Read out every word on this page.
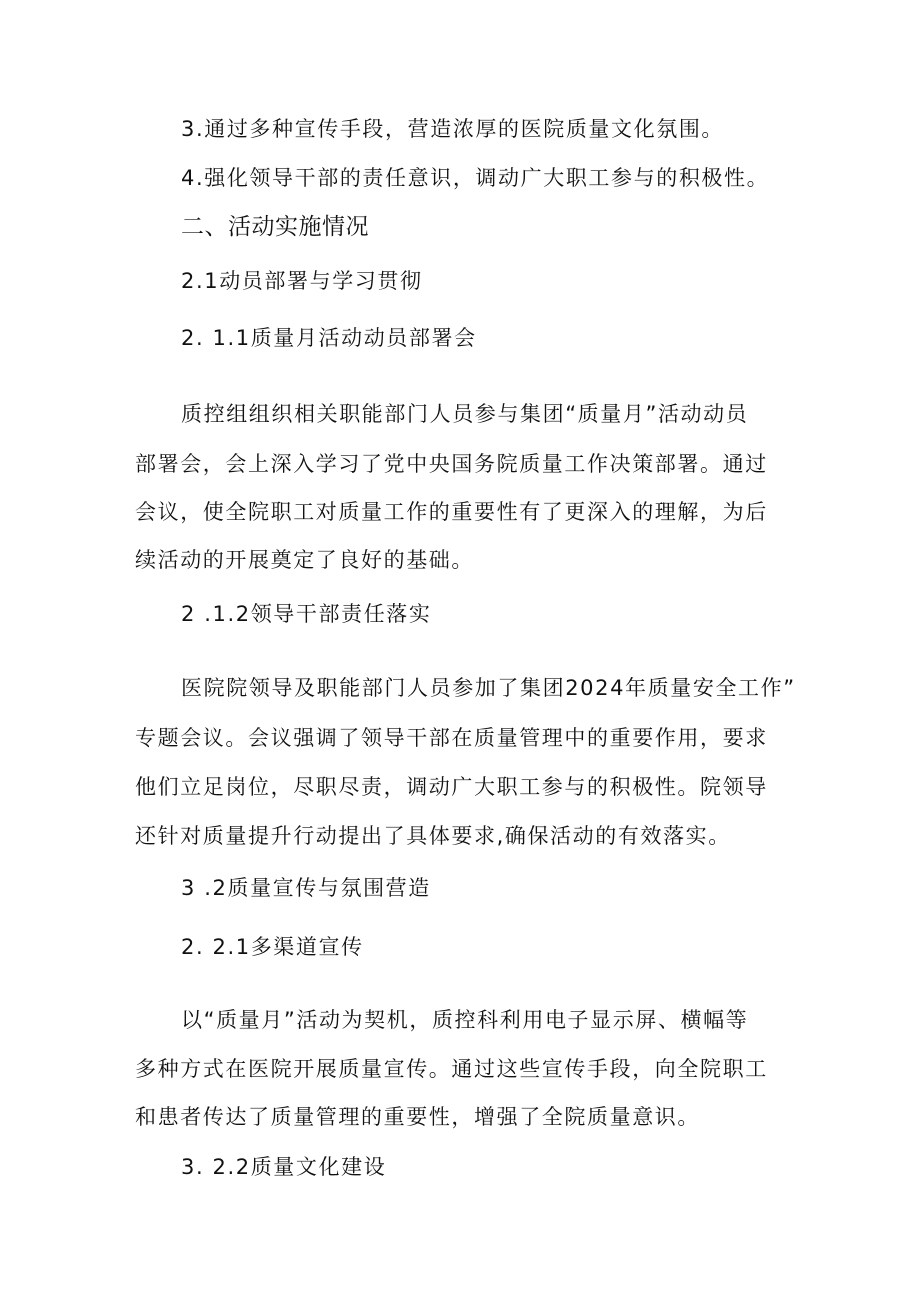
3.通过多种宣传手段，营造浓厚的医院质量文化氛围。
4.强化领导干部的责任意识，调动广大职工参与的积极性。
二、活动实施情况
2.1动员部署与学习贯彻
2. 1.1质量月活动动员部署会
质控组组织相关职能部门人员参与集团“质量月”活动动员
部署会，会上深入学习了党中央国务院质量工作决策部署。通过
会议，使全院职工对质量工作的重要性有了更深入的理解，为后
续活动的开展奠定了良好的基础。
2 .1.2领导干部责任落实
医院院领导及职能部门人员参加了集团2024年质量安全工作”
专题会议。会议强调了领导干部在质量管理中的重要作用，要求
他们立足岗位，尽职尽责，调动广大职工参与的积极性。院领导
还针对质量提升行动提出了具体要求,确保活动的有效落实。
3 .2质量宣传与氛围营造
2. 2.1多渠道宣传
以“质量月”活动为契机，质控科利用电子显示屏、横幅等
多种方式在医院开展质量宣传。通过这些宣传手段，向全院职工
和患者传达了质量管理的重要性，增强了全院质量意识。
3. 2.2质量文化建设
